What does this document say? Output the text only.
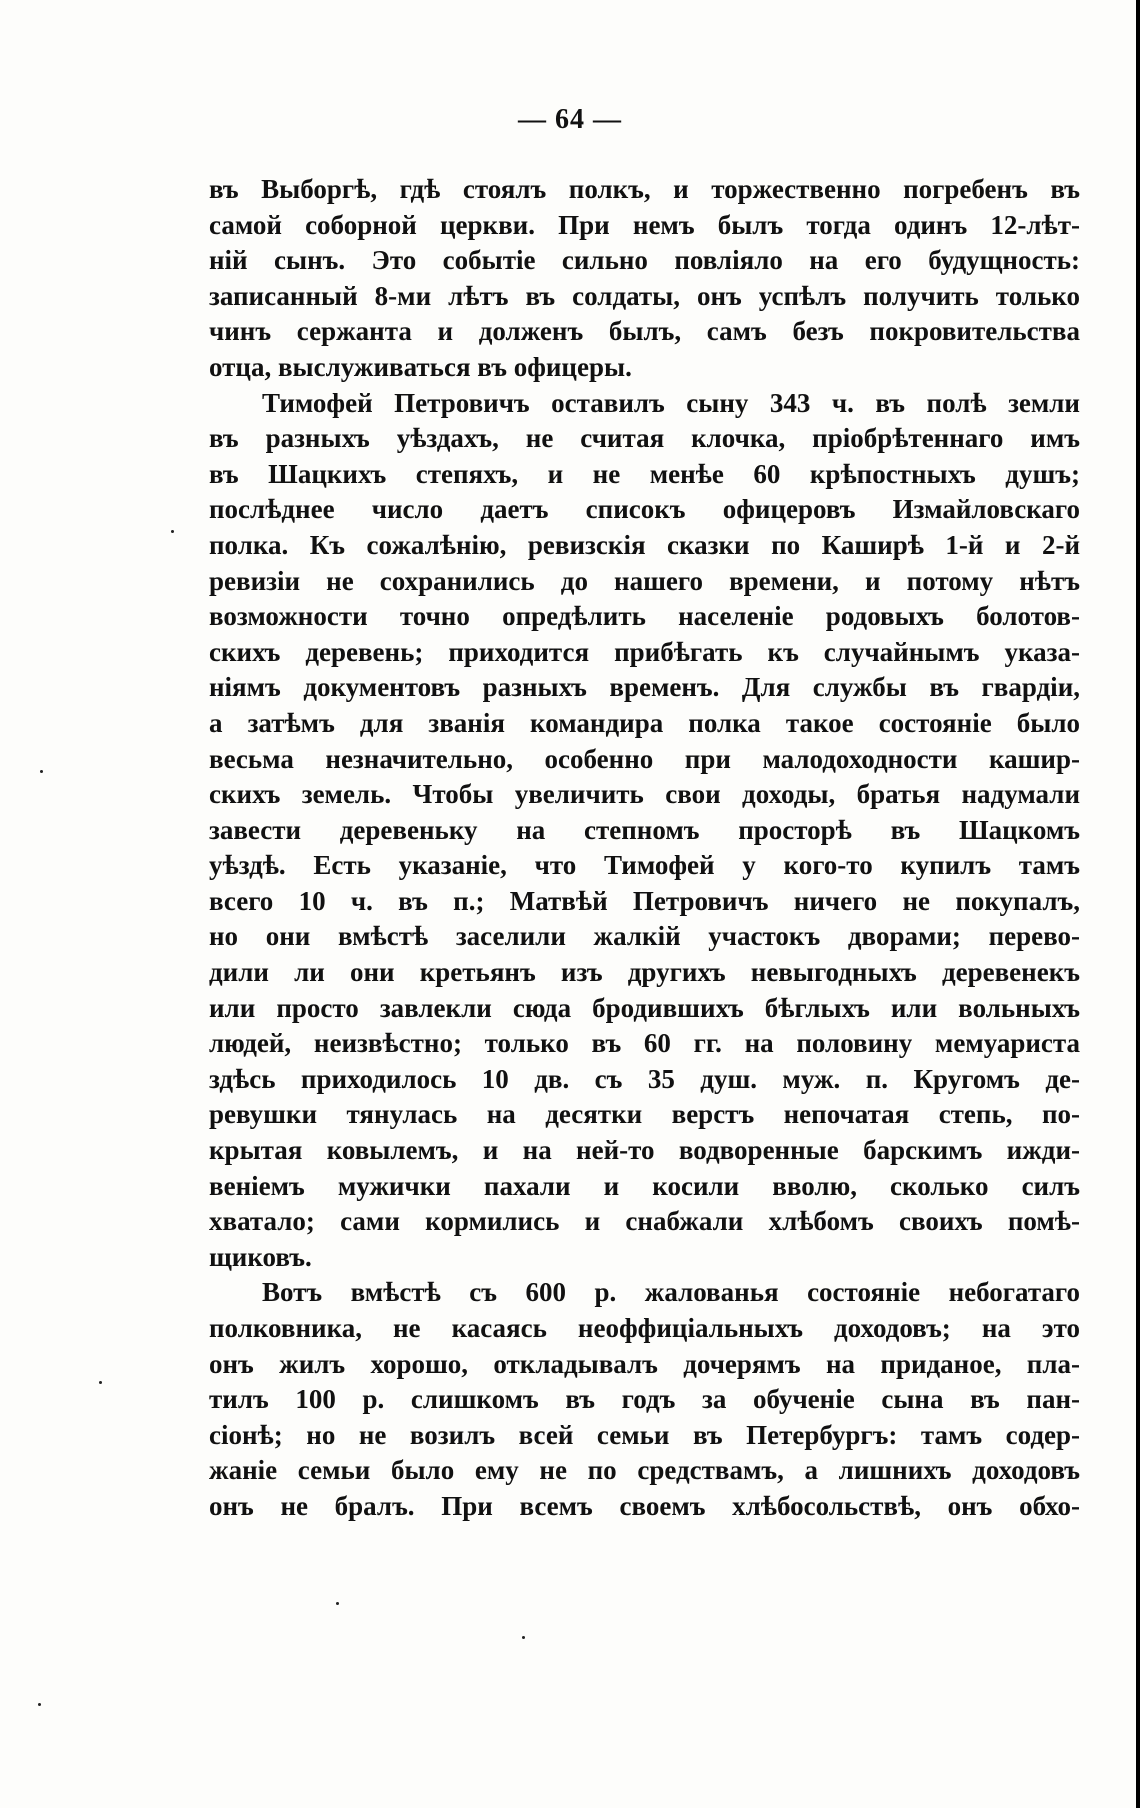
— 64 —
въ Выборгѣ, гдѣ стоялъ полкъ, и торжественно погребенъ въ
самой соборной церкви. При немъ былъ тогда одинъ 12-лѣт-
ній сынъ. Это событіе сильно повліяло на его будущность:
записанный 8-ми лѣтъ въ солдаты, онъ успѣлъ получить только
чинъ сержанта и долженъ былъ, самъ безъ покровительства
отца, выслуживаться въ офицеры.
Тимофей Петровичъ оставилъ сыну 343 ч. въ полѣ земли
въ разныхъ уѣздахъ, не считая клочка, пріобрѣтеннаго имъ
въ Шацкихъ степяхъ, и не менѣе 60 крѣпостныхъ душъ;
послѣднее число даетъ списокъ офицеровъ Измайловскаго
полка. Къ сожалѣнію, ревизскія сказки по Каширѣ 1-й и 2-й
ревизіи не сохранились до нашего времени, и потому нѣтъ
возможности точно опредѣлить населеніе родовыхъ болотов-
скихъ деревень; приходится прибѣгать къ случайнымъ указа-
ніямъ документовъ разныхъ временъ. Для службы въ гвардіи,
а затѣмъ для званія командира полка такое состояніе было
весьма незначительно, особенно при малодоходности кашир-
скихъ земель. Чтобы увеличить свои доходы, братья надумали
завести деревеньку на степномъ просторѣ въ Шацкомъ
уѣздѣ. Есть указаніе, что Тимофей у кого-то купилъ тамъ
всего 10 ч. въ п.; Матвѣй Петровичъ ничего не покупалъ,
но они вмѣстѣ заселили жалкій участокъ дворами; перево-
дили ли они кретьянъ изъ другихъ невыгодныхъ деревенекъ
или просто завлекли сюда бродившихъ бѣглыхъ или вольныхъ
людей, неизвѣстно; только въ 60 гг. на половину мемуариста
здѣсь приходилось 10 дв. съ 35 душ. муж. п. Кругомъ де-
ревушки тянулась на десятки верстъ непочатая степь, по-
крытая ковылемъ, и на ней-то водворенные барскимъ ижди-
веніемъ мужички пахали и косили вволю, сколько силъ
хватало; сами кормились и снабжали хлѣбомъ своихъ помѣ-
щиковъ.
Вотъ вмѣстѣ съ 600 р. жалованья состояніе небогатаго
полковника, не касаясь неоффиціальныхъ доходовъ; на это
онъ жилъ хорошо, откладывалъ дочерямъ на приданое, пла-
тилъ 100 р. слишкомъ въ годъ за обученіе сына въ пан-
сіонѣ; но не возилъ всей семьи въ Петербургъ: тамъ содер-
жаніе семьи было ему не по средствамъ, а лишнихъ доходовъ
онъ не бралъ. При всемъ своемъ хлѣбосольствѣ, онъ обхо-
